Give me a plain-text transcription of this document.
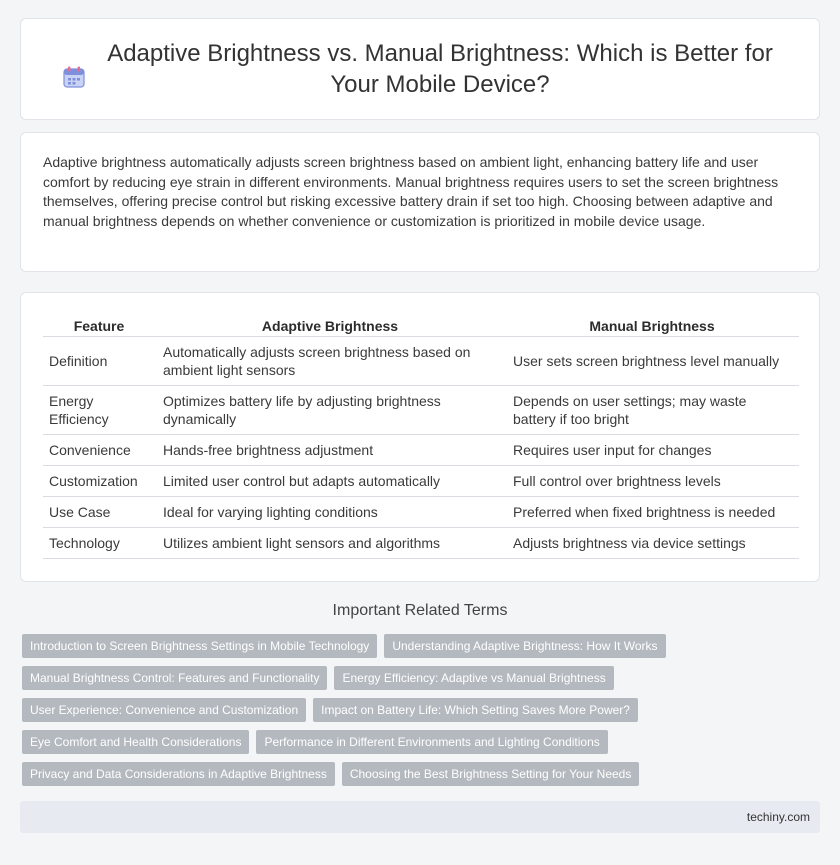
Adaptive Brightness vs. Manual Brightness: Which is Better for Your Mobile Device?

Adaptive brightness automatically adjusts screen brightness based on ambient light, enhancing battery life and user comfort by reducing eye strain in different environments. Manual brightness requires users to set the screen brightness themselves, offering precise control but risking excessive battery drain if set too high. Choosing between adaptive and manual brightness depends on whether convenience or customization is prioritized in mobile device usage.

Feature	Adaptive Brightness	Manual Brightness
Definition	Automatically adjusts screen brightness based on ambient light sensors	User sets screen brightness level manually
Energy Efficiency	Optimizes battery life by adjusting brightness dynamically	Depends on user settings; may waste battery if too bright
Convenience	Hands-free brightness adjustment	Requires user input for changes
Customization	Limited user control but adapts automatically	Full control over brightness levels
Use Case	Ideal for varying lighting conditions	Preferred when fixed brightness is needed
Technology	Utilizes ambient light sensors and algorithms	Adjusts brightness via device settings
Important Related Terms
Introduction to Screen Brightness Settings in Mobile Technology	Understanding Adaptive Brightness: How It Works
Manual Brightness Control: Features and Functionality	Energy Efficiency: Adaptive vs Manual Brightness
User Experience: Convenience and Customization	Impact on Battery Life: Which Setting Saves More Power?
Eye Comfort and Health Considerations	Performance in Different Environments and Lighting Conditions
Privacy and Data Considerations in Adaptive Brightness	Choosing the Best Brightness Setting for Your Needs
techiny.com
